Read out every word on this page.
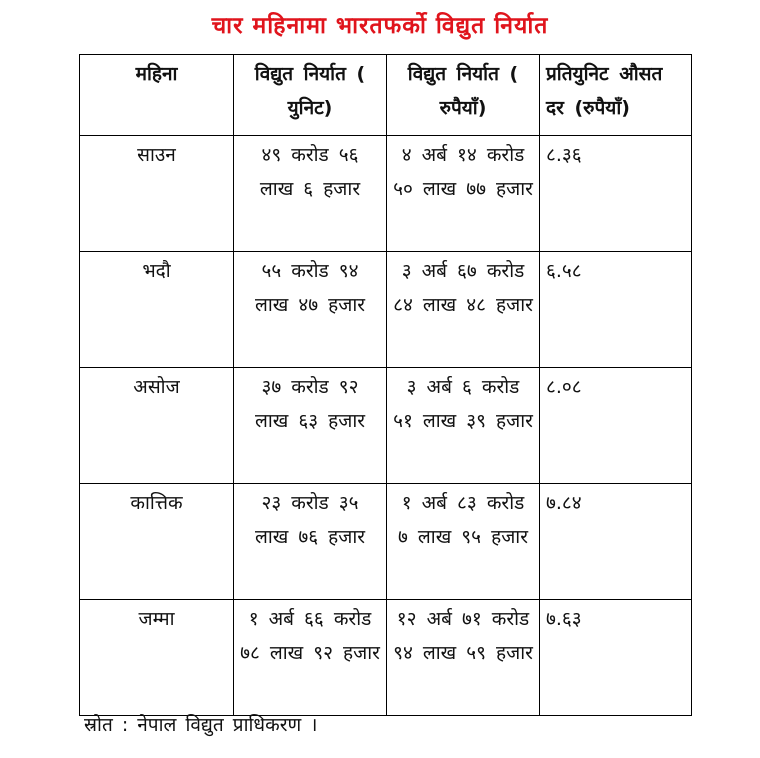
चार महिनामा भारतफर्को विद्युत निर्यात
महिना	विद्युत निर्यात ( युनिट)	विद्युत निर्यात ( रुपैयाँ)	प्रतियुनिट औसत दर (रुपैयाँ)
साउन	४९ करोड ५६ लाख ६ हजार	४ अर्ब १४ करोड ५० लाख ७७ हजार	८.३६
भदौ	५५ करोड ९४ लाख ४७ हजार	३ अर्ब ६७ करोड ८४ लाख ४८ हजार	६.५८
असोज	३७ करोड ९२ लाख ६३ हजार	३ अर्ब ६ करोड ५१ लाख ३९ हजार	८.०८
कात्तिक	२३ करोड ३५ लाख ७६ हजार	१ अर्ब ८३ करोड ७ लाख ९५ हजार	७.८४
जम्मा	१ अर्ब ६६ करोड ७८ लाख ९२ हजार	१२ अर्ब ७१ करोड ९४ लाख ५९ हजार	७.६३
स्रोत : नेपाल विद्युत प्राधिकरण ।
